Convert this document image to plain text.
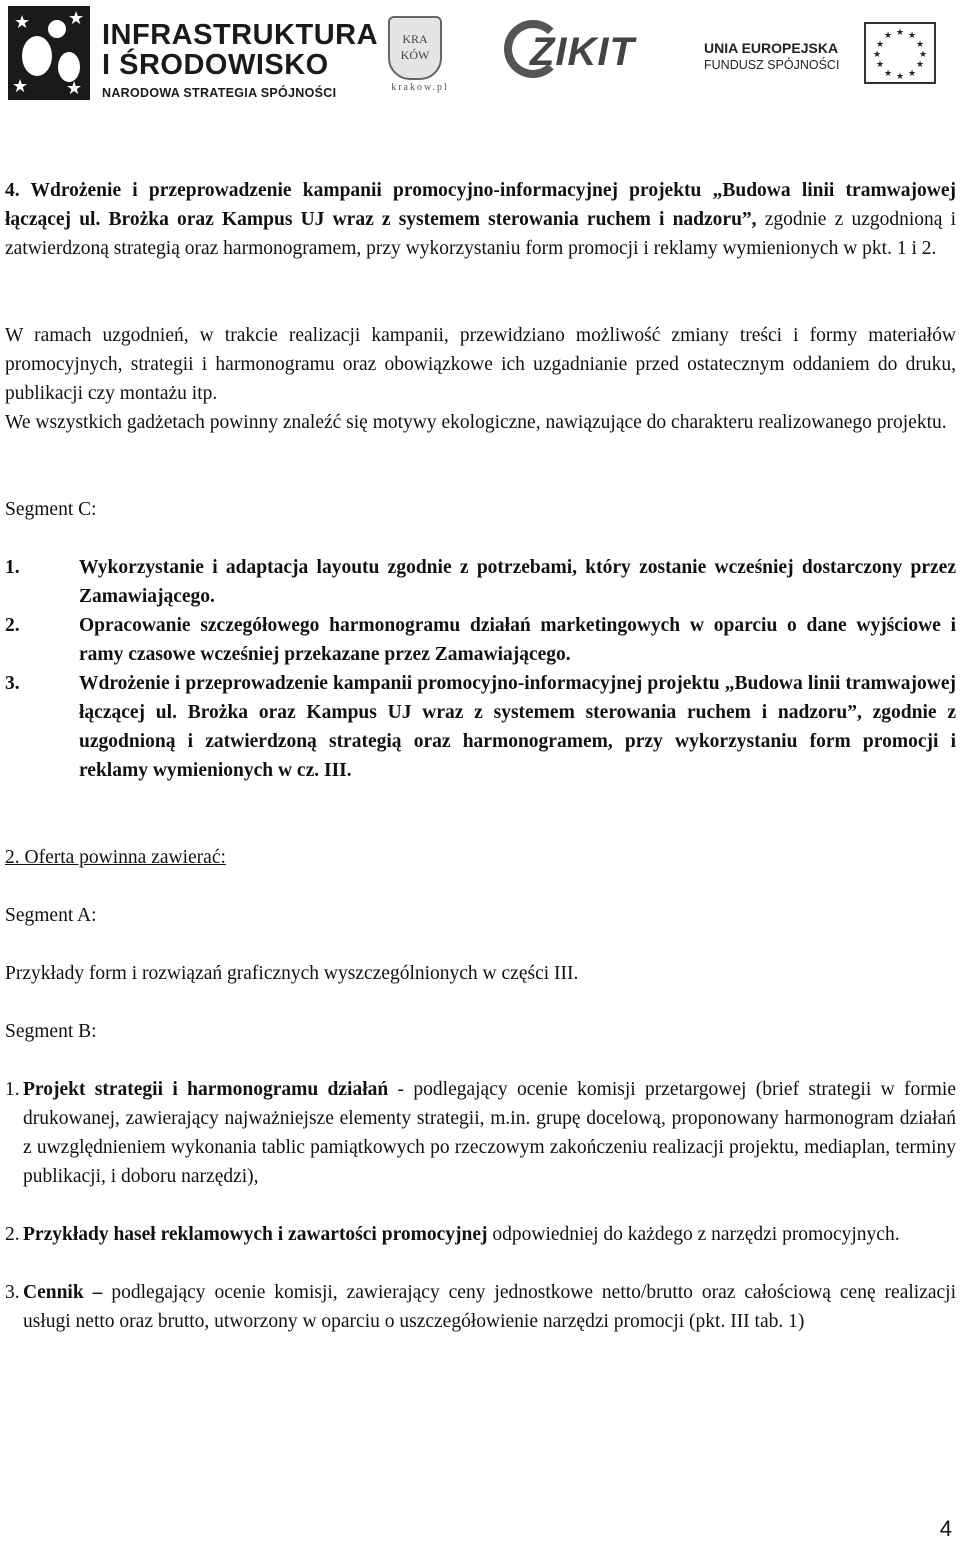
★
★
★ ★
INFRASTRUKTURA
I ŚRODOWISKO
NARODOWA STRATEGIA SPÓJNOŚCI
KRA
KÓW
krakow.pl
ZIKIT	UNIA EUROPEJSKA
FUNDUSZ SPÓJNOŚCI
★ ★
★
★
★
★
★
★
★
★
★
★

4. Wdrożenie i przeprowadzenie kampanii promocyjno-informacyjnej projektu „Budowa linii tramwajowej łączącej ul. Brożka oraz Kampus UJ wraz z systemem sterowania ruchem i nadzoru”, zgodnie z uzgodnioną i zatwierdzoną strategią oraz harmonogramem, przy wykorzystaniu form promocji i reklamy wymienionych w pkt. 1 i 2.

W ramach uzgodnień, w trakcie realizacji kampanii, przewidziano możliwość zmiany treści i formy materiałów promocyjnych, strategii i harmonogramu oraz obowiązkowe ich uzgadnianie przed ostatecznym oddaniem do druku, publikacji czy montażu itp.

We wszystkich gadżetach powinny znaleźć się motywy ekologiczne, nawiązujące do charakteru realizowanego projektu.

Segment C:

1.	Wykorzystanie i adaptacja layoutu zgodnie z potrzebami, który zostanie wcześniej dostarczony przez Zamawiającego.

2.	Opracowanie szczegółowego harmonogramu działań marketingowych w oparciu o dane wyjściowe i ramy czasowe wcześniej przekazane przez Zamawiającego.

3.	Wdrożenie i przeprowadzenie kampanii promocyjno-informacyjnej projektu „Budowa linii tramwajowej łączącej ul. Brożka oraz Kampus UJ wraz z systemem sterowania ruchem i nadzoru”, zgodnie z uzgodnioną i zatwierdzoną strategią oraz harmonogramem, przy wykorzystaniu form promocji i reklamy wymienionych w cz. III.

2. Oferta powinna zawierać:

Segment A:

Przykłady form i rozwiązań graficznych wyszczególnionych w części III.

Segment B:

1. Projekt strategii i harmonogramu działań - podlegający ocenie komisji przetargowej (brief strategii w formie drukowanej, zawierający najważniejsze elementy strategii, m.in. grupę docelową, proponowany harmonogram działań z uwzględnieniem wykonania tablic pamiątkowych po rzeczowym zakończeniu realizacji projektu, mediaplan, terminy publikacji, i doboru narzędzi),

2. Przykłady haseł reklamowych i zawartości promocyjnej odpowiedniej do każdego z narzędzi promocyjnych.

3. Cennik – podlegający ocenie komisji, zawierający ceny jednostkowe netto/brutto oraz całościową cenę realizacji usługi netto oraz brutto, utworzony w oparciu o uszczegółowienie narzędzi promocji (pkt. III tab. 1)

4
